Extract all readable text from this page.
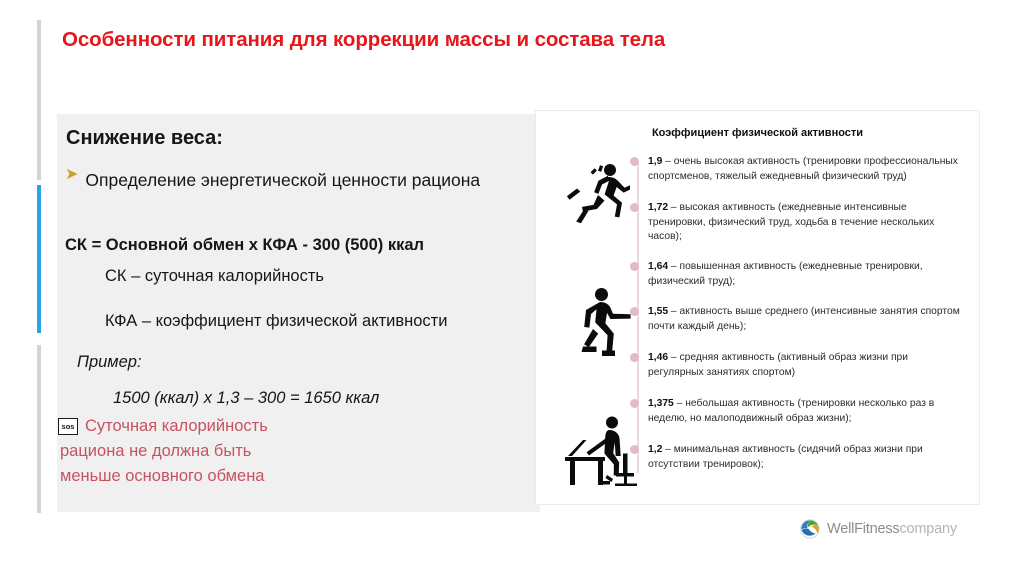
Особенности питания для коррекции массы и состава тела
Снижение веса:
➤ Определение энергетической ценности рациона
СК = Основной обмен х КФА - 300 (500) ккал
СК – суточная калорийность
КФА – коэффициент физической активности
Пример:
1500 (ккал) х 1,3 – 300 = 1650 ккал
sos Суточная калорийность
рациона не должна быть
меньше основного обмена
Коэффициент физической активности
1,9 – очень высокая активность (тренировки профессиональных спортсменов, тяжелый ежедневный физический труд)
1,72 – высокая активность (ежедневные интенсивные тренировки, физический труд, ходьба в течение нескольких часов);
1,64 – повышенная активность (ежедневные тренировки, физический труд);
1,55 – активность выше среднего (интенсивные занятия спортом почти каждый день);
1,46 – средняя активность (активный образ жизни при регулярных занятиях спортом)
1,375 – небольшая активность (тренировки несколько раз в неделю, но малоподвижный образ жизни);
1,2 – минимальная активность (сидячий образ жизни при отсутствии тренировок);
WellFitnesscompany
